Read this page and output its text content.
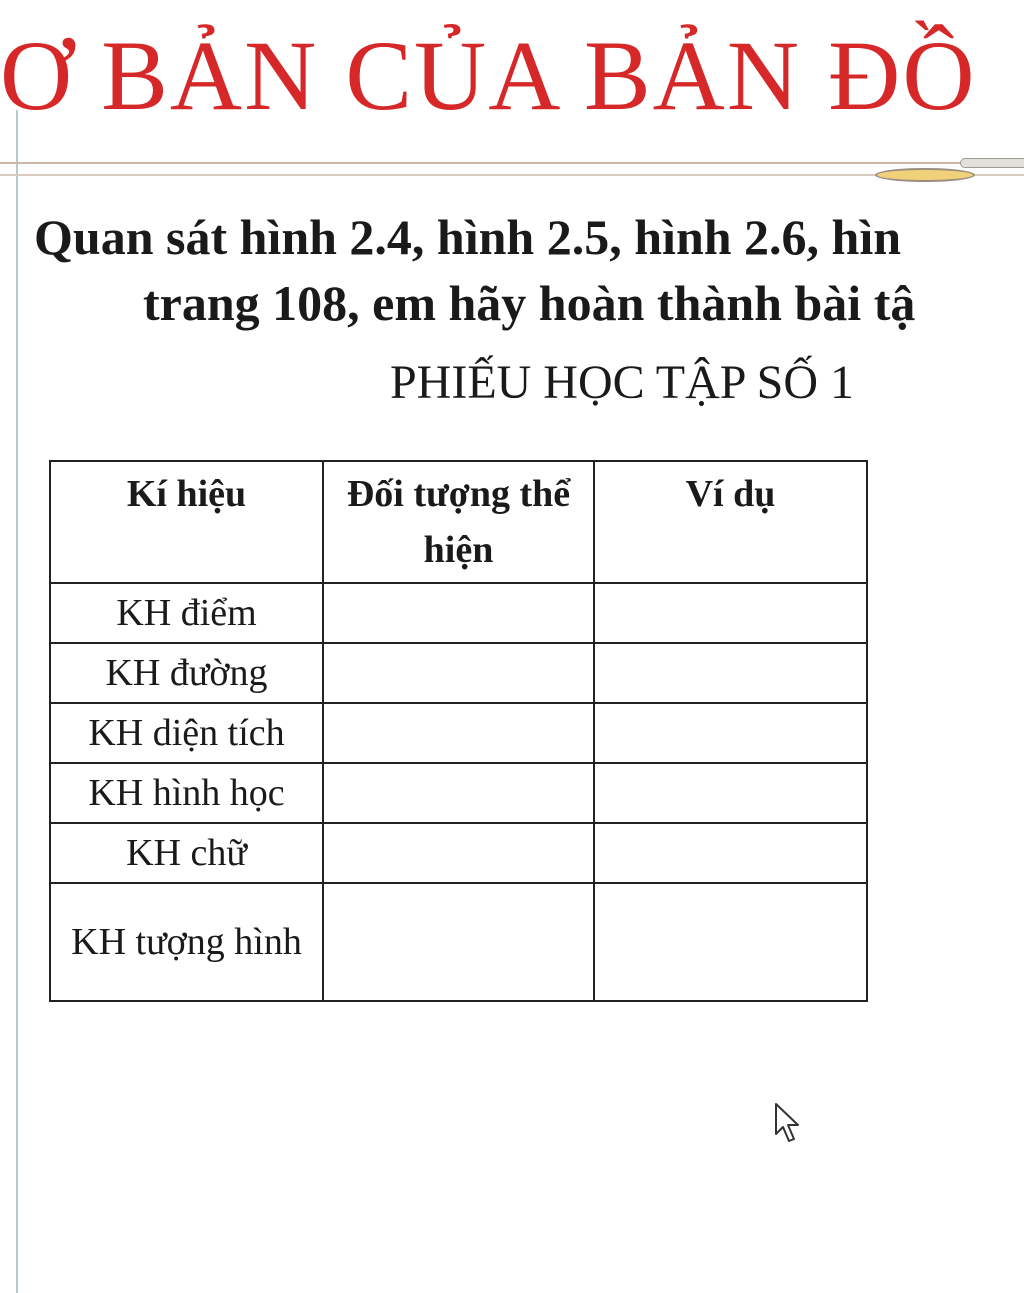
Ơ BẢN CỦA BẢN ĐỒ

Quan sát hình 2.4, hình 2.5, hình 2.6, hìn

trang 108, em hãy hoàn thành bài tậ

PHIẾU HỌC TẬP SỐ 1
Kí hiệu	Đối tượng thể hiện	Ví dụ
KH điểm		
KH đường		
KH diện tích		
KH hình học		
KH chữ		
KH tượng hình		
